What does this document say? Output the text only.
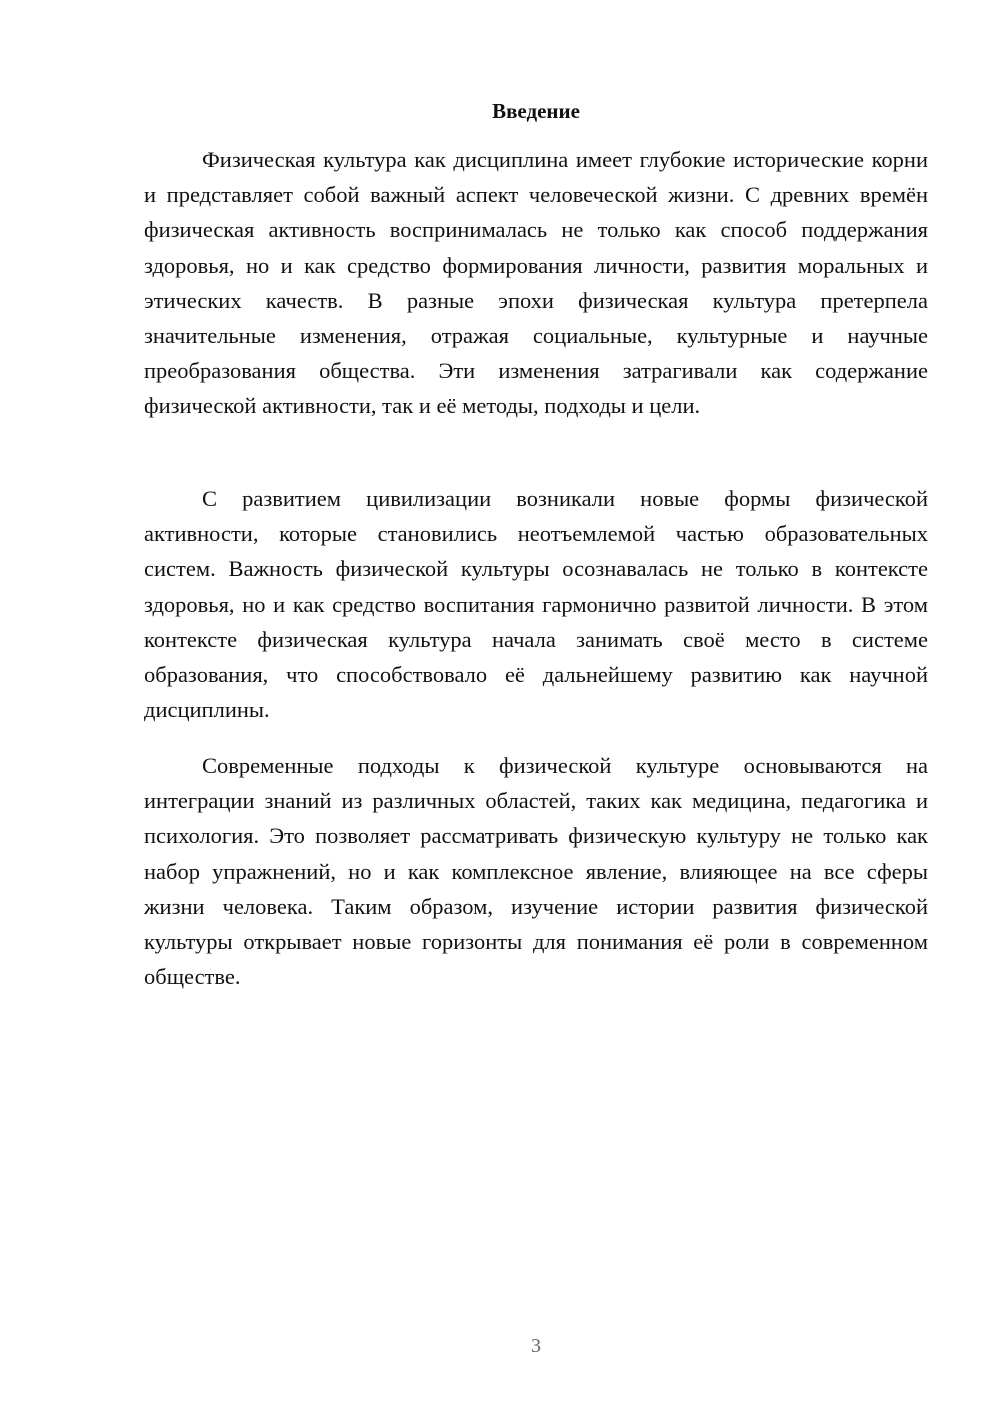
Введение

Физическая культура как дисциплина имеет глубокие исторические корни и представляет собой важный аспект человеческой жизни. С древних времён физическая активность воспринималась не только как способ поддержания здоровья, но и как средство формирования личности, развития моральных и этических качеств. В разные эпохи физическая культура претерпела значительные изменения, отражая социальные, культурные и научные преобразования общества. Эти изменения затрагивали как содержание физической активности, так и её методы, подходы и цели.

С развитием цивилизации возникали новые формы физической активности, которые становились неотъемлемой частью образовательных систем. Важность физической культуры осознавалась не только в контексте здоровья, но и как средство воспитания гармонично развитой личности. В этом контексте физическая культура начала занимать своё место в системе образования, что способствовало её дальнейшему развитию как научной дисциплины.

Современные подходы к физической культуре основываются на интеграции знаний из различных областей, таких как медицина, педагогика и психология. Это позволяет рассматривать физическую культуру не только как набор упражнений, но и как комплексное явление, влияющее на все сферы жизни человека. Таким образом, изучение истории развития физической культуры открывает новые горизонты для понимания её роли в современном обществе.

3
